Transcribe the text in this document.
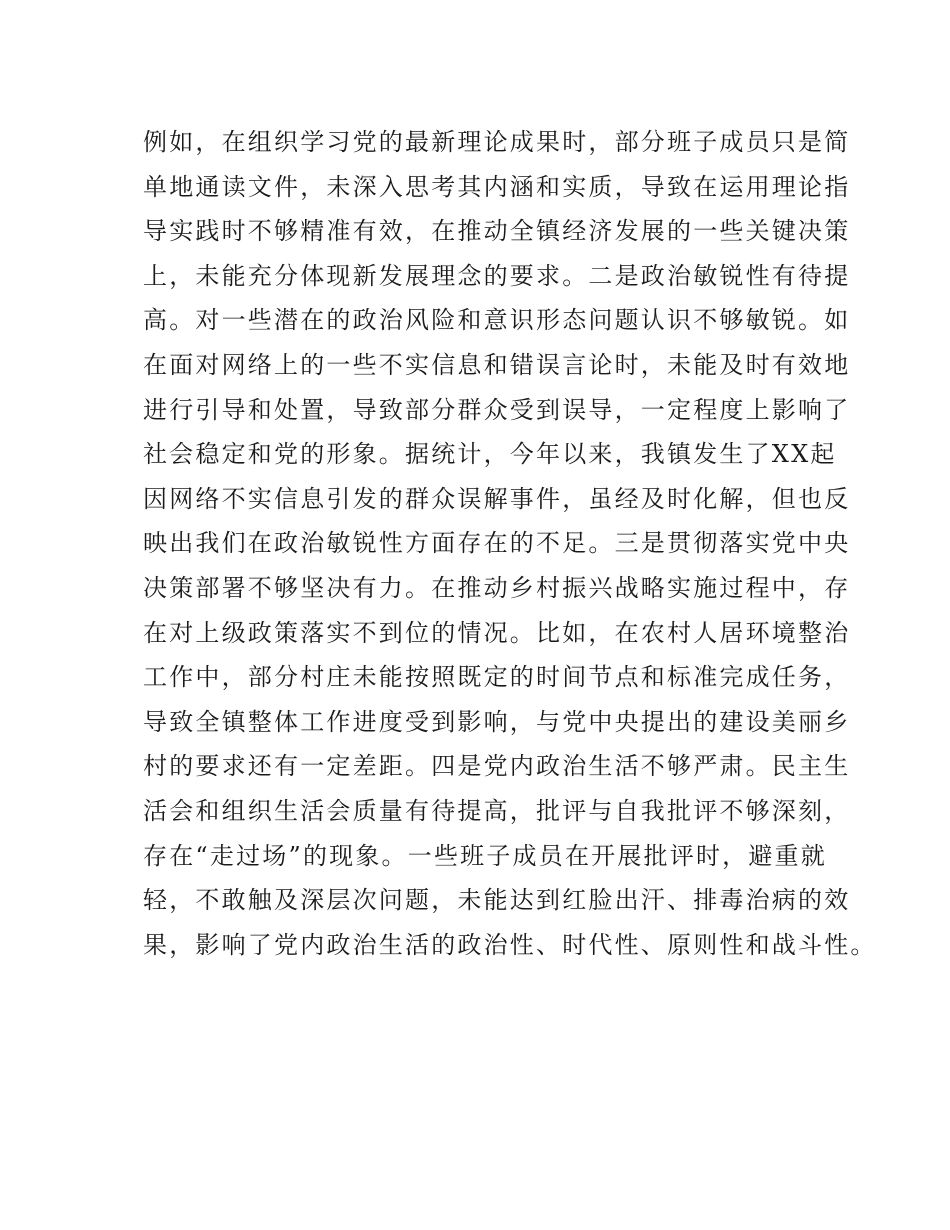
例如，在组织学习党的最新理论成果时，部分班子成员只是简
单地通读文件，未深入思考其内涵和实质，导致在运用理论指
导实践时不够精准有效，在推动全镇经济发展的一些关键决策
上，未能充分体现新发展理念的要求。二是政治敏锐性有待提
高。对一些潜在的政治风险和意识形态问题认识不够敏锐。如
在面对网络上的一些不实信息和错误言论时，未能及时有效地
进行引导和处置，导致部分群众受到误导，一定程度上影响了
社会稳定和党的形象。据统计，今年以来，我镇发生了XX起
因网络不实信息引发的群众误解事件，虽经及时化解，但也反
映出我们在政治敏锐性方面存在的不足。三是贯彻落实党中央
决策部署不够坚决有力。在推动乡村振兴战略实施过程中，存
在对上级政策落实不到位的情况。比如，在农村人居环境整治
工作中，部分村庄未能按照既定的时间节点和标准完成任务，
导致全镇整体工作进度受到影响，与党中央提出的建设美丽乡
村的要求还有一定差距。四是党内政治生活不够严肃。民主生
活会和组织生活会质量有待提高，批评与自我批评不够深刻，
存在“走过场”的现象。一些班子成员在开展批评时，避重就
轻，不敢触及深层次问题，未能达到红脸出汗、排毒治病的效
果，影响了党内政治生活的政治性、时代性、原则性和战斗性。
